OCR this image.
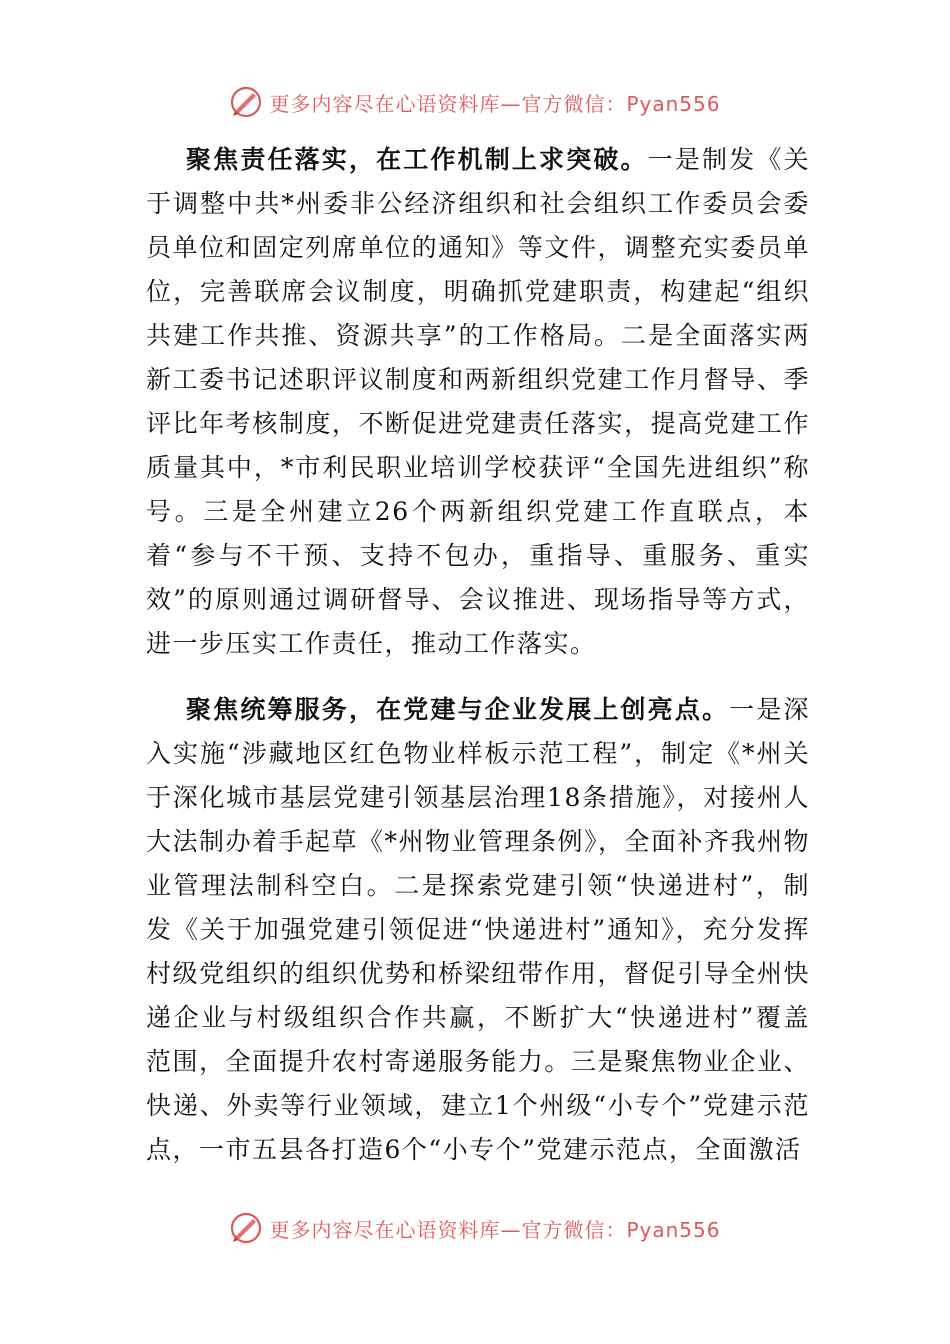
更多内容尽在心语资料库—官方微信：Pyan556

聚焦责任落实，在工作机制上求突破。一是制发《关于调整中共*州委非公经济组织和社会组织工作委员会委员单位和固定列席单位的通知》等文件，调整充实委员单位，完善联席会议制度，明确抓党建职责，构建起“组织共建工作共推、资源共享”的工作格局。二是全面落实两新工委书记述职评议制度和两新组织党建工作月督导、季评比年考核制度，不断促进党建责任落实，提高党建工作质量其中，*市利民职业培训学校获评“全国先进组织”称号。三是全州建立26个两新组织党建工作直联点，本着“参与不干预、支持不包办，重指导、重服务、重实效”的原则通过调研督导、会议推进、现场指导等方式，进一步压实工作责任，推动工作落实。

聚焦统筹服务，在党建与企业发展上创亮点。一是深入实施“涉藏地区红色物业样板示范工程”，制定《*州关于深化城市基层党建引领基层治理18条措施》，对接州人大法制办着手起草《*州物业管理条例》，全面补齐我州物业管理法制科空白。二是探索党建引领“快递进村”，制发《关于加强党建引领促进“快递进村”通知》，充分发挥村级党组织的组织优势和桥梁纽带作用，督促引导全州快递企业与村级组织合作共赢，不断扩大“快递进村”覆盖范围，全面提升农村寄递服务能力。三是聚焦物业企业、快递、外卖等行业领域，建立1个州级“小专个”党建示范点，一市五县各打造6个“小专个”党建示范点，全面激活

更多内容尽在心语资料库—官方微信：Pyan556
